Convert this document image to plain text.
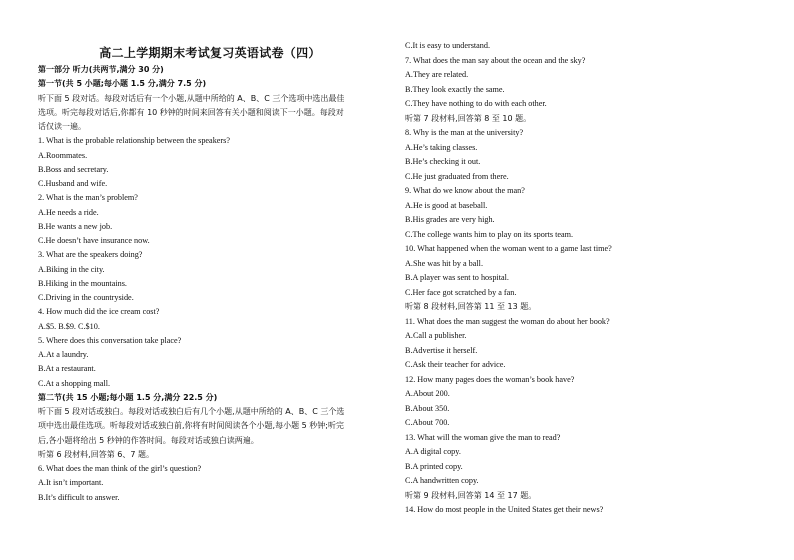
高二上学期期末考试复习英语试卷（四）
第一部分 听力(共两节,满分 30 分)
第一节(共 5 小题;每小题 1.5 分,满分 7.5 分)
听下面 5 段对话。每段对话后有一个小题,从题中所给的 A、B、C 三个选项中选出最佳
选项。听完每段对话后,你都有 10 秒钟的时间来回答有关小题和阅读下一小题。每段对
话仅读一遍。
1. What is the probable relationship between the speakers?
A.Roommates.
B.Boss and secretary.
C.Husband and wife.
2. What is the man’s problem?
A.He needs a ride.
B.He wants a new job.
C.He doesn’t have insurance now.
3. What are the speakers doing?
A.Biking in the city.
B.Hiking in the mountains.
C.Driving in the countryside.
4. How much did the ice cream cost?
A.$5. B.$9. C.$10.
5. Where does this conversation take place?
A.At a laundry.
B.At a restaurant.
C.At a shopping mall.
第二节(共 15 小题;每小题 1.5 分,满分 22.5 分)
听下面 5 段对话或独白。每段对话或独白后有几个小题,从题中所给的 A、B、C 三个选
项中选出最佳选项。听每段对话或独白前,你将有时间阅读各个小题,每小题 5 秒钟;听完
后,各小题将给出 5 秒钟的作答时间。每段对话或独白读两遍。
听第 6 段材料,回答第 6、7 题。
6. What does the man think of the girl’s question?
A.It isn’t important.
B.It’s difficult to answer.
C.It is easy to understand.
7. What does the man say about the ocean and the sky?
A.They are related.
B.They look exactly the same.
C.They have nothing to do with each other.
听第 7 段材料,回答第 8 至 10 题。
8. Why is the man at the university?
A.He’s taking classes.
B.He’s checking it out.
C.He just graduated from there.
9. What do we know about the man?
A.He is good at baseball.
B.His grades are very high.
C.The college wants him to play on its sports team.
10. What happened when the woman went to a game last time?
A.She was hit by a ball.
B.A player was sent to hospital.
C.Her face got scratched by a fan.
听第 8 段材料,回答第 11 至 13 题。
11. What does the man suggest the woman do about her book?
A.Call a publisher.
B.Advertise it herself.
C.Ask their teacher for advice.
12. How many pages does the woman’s book have?
A.About 200.
B.About 350.
C.About 700.
13. What will the woman give the man to read?
A.A digital copy.
B.A printed copy.
C.A handwritten copy.
听第 9 段材料,回答第 14 至 17 题。
14. How do most people in the United States get their news?
